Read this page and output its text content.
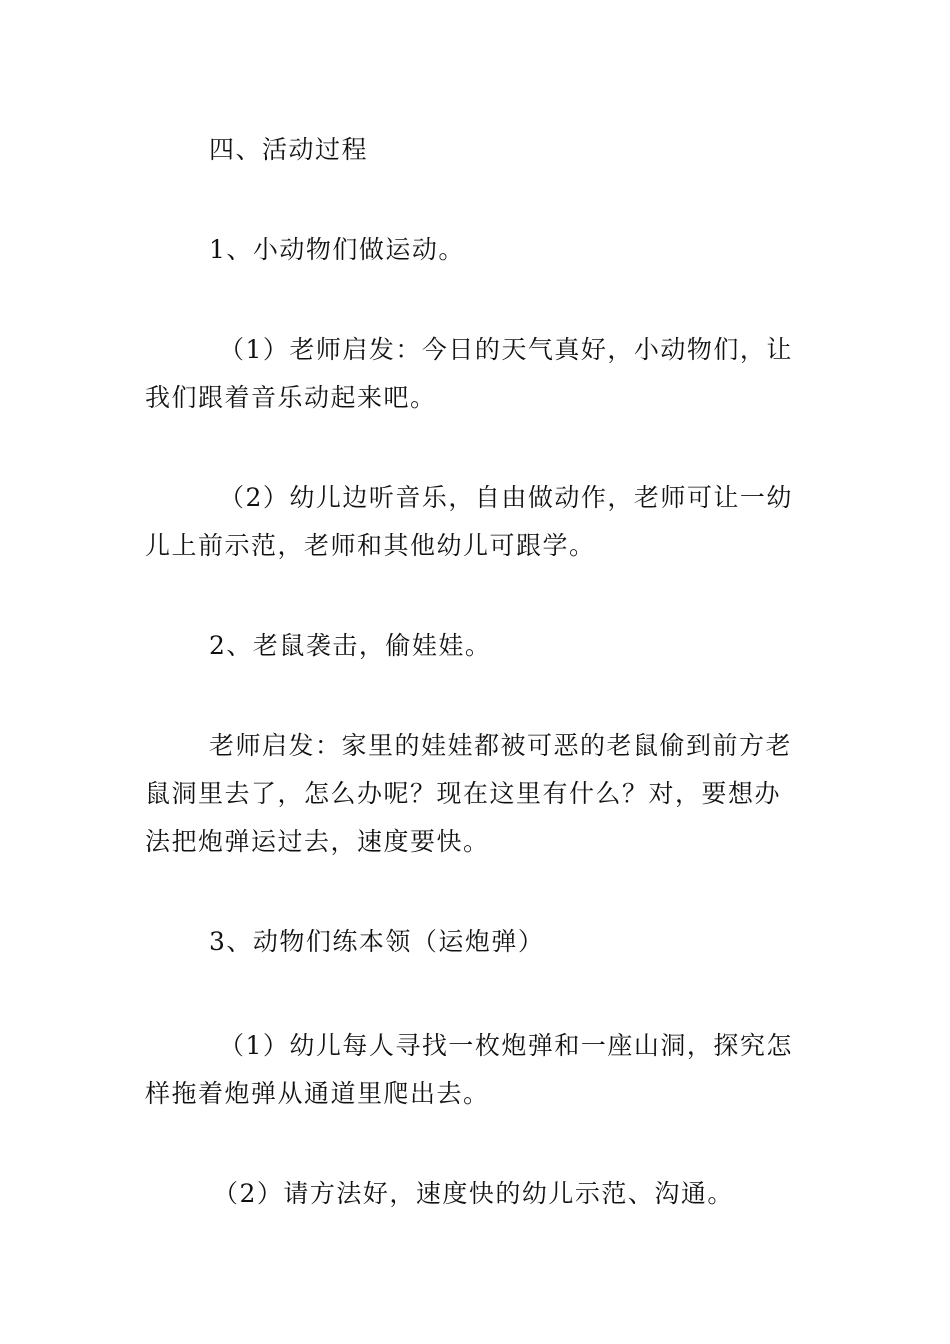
四、活动过程

1、小动物们做运动。

（1）老师启发：今日的天气真好，小动物们，让我们跟着音乐动起来吧。

（2）幼儿边听音乐，自由做动作，老师可让一幼儿上前示范，老师和其他幼儿可跟学。

2、老鼠袭击，偷娃娃。

老师启发：家里的娃娃都被可恶的老鼠偷到前方老鼠洞里去了，怎么办呢？现在这里有什么？对，要想办法把炮弹运过去，速度要快。

3、动物们练本领（运炮弹）

（1）幼儿每人寻找一枚炮弹和一座山洞，探究怎样拖着炮弹从通道里爬出去。

（2）请方法好，速度快的幼儿示范、沟通。
